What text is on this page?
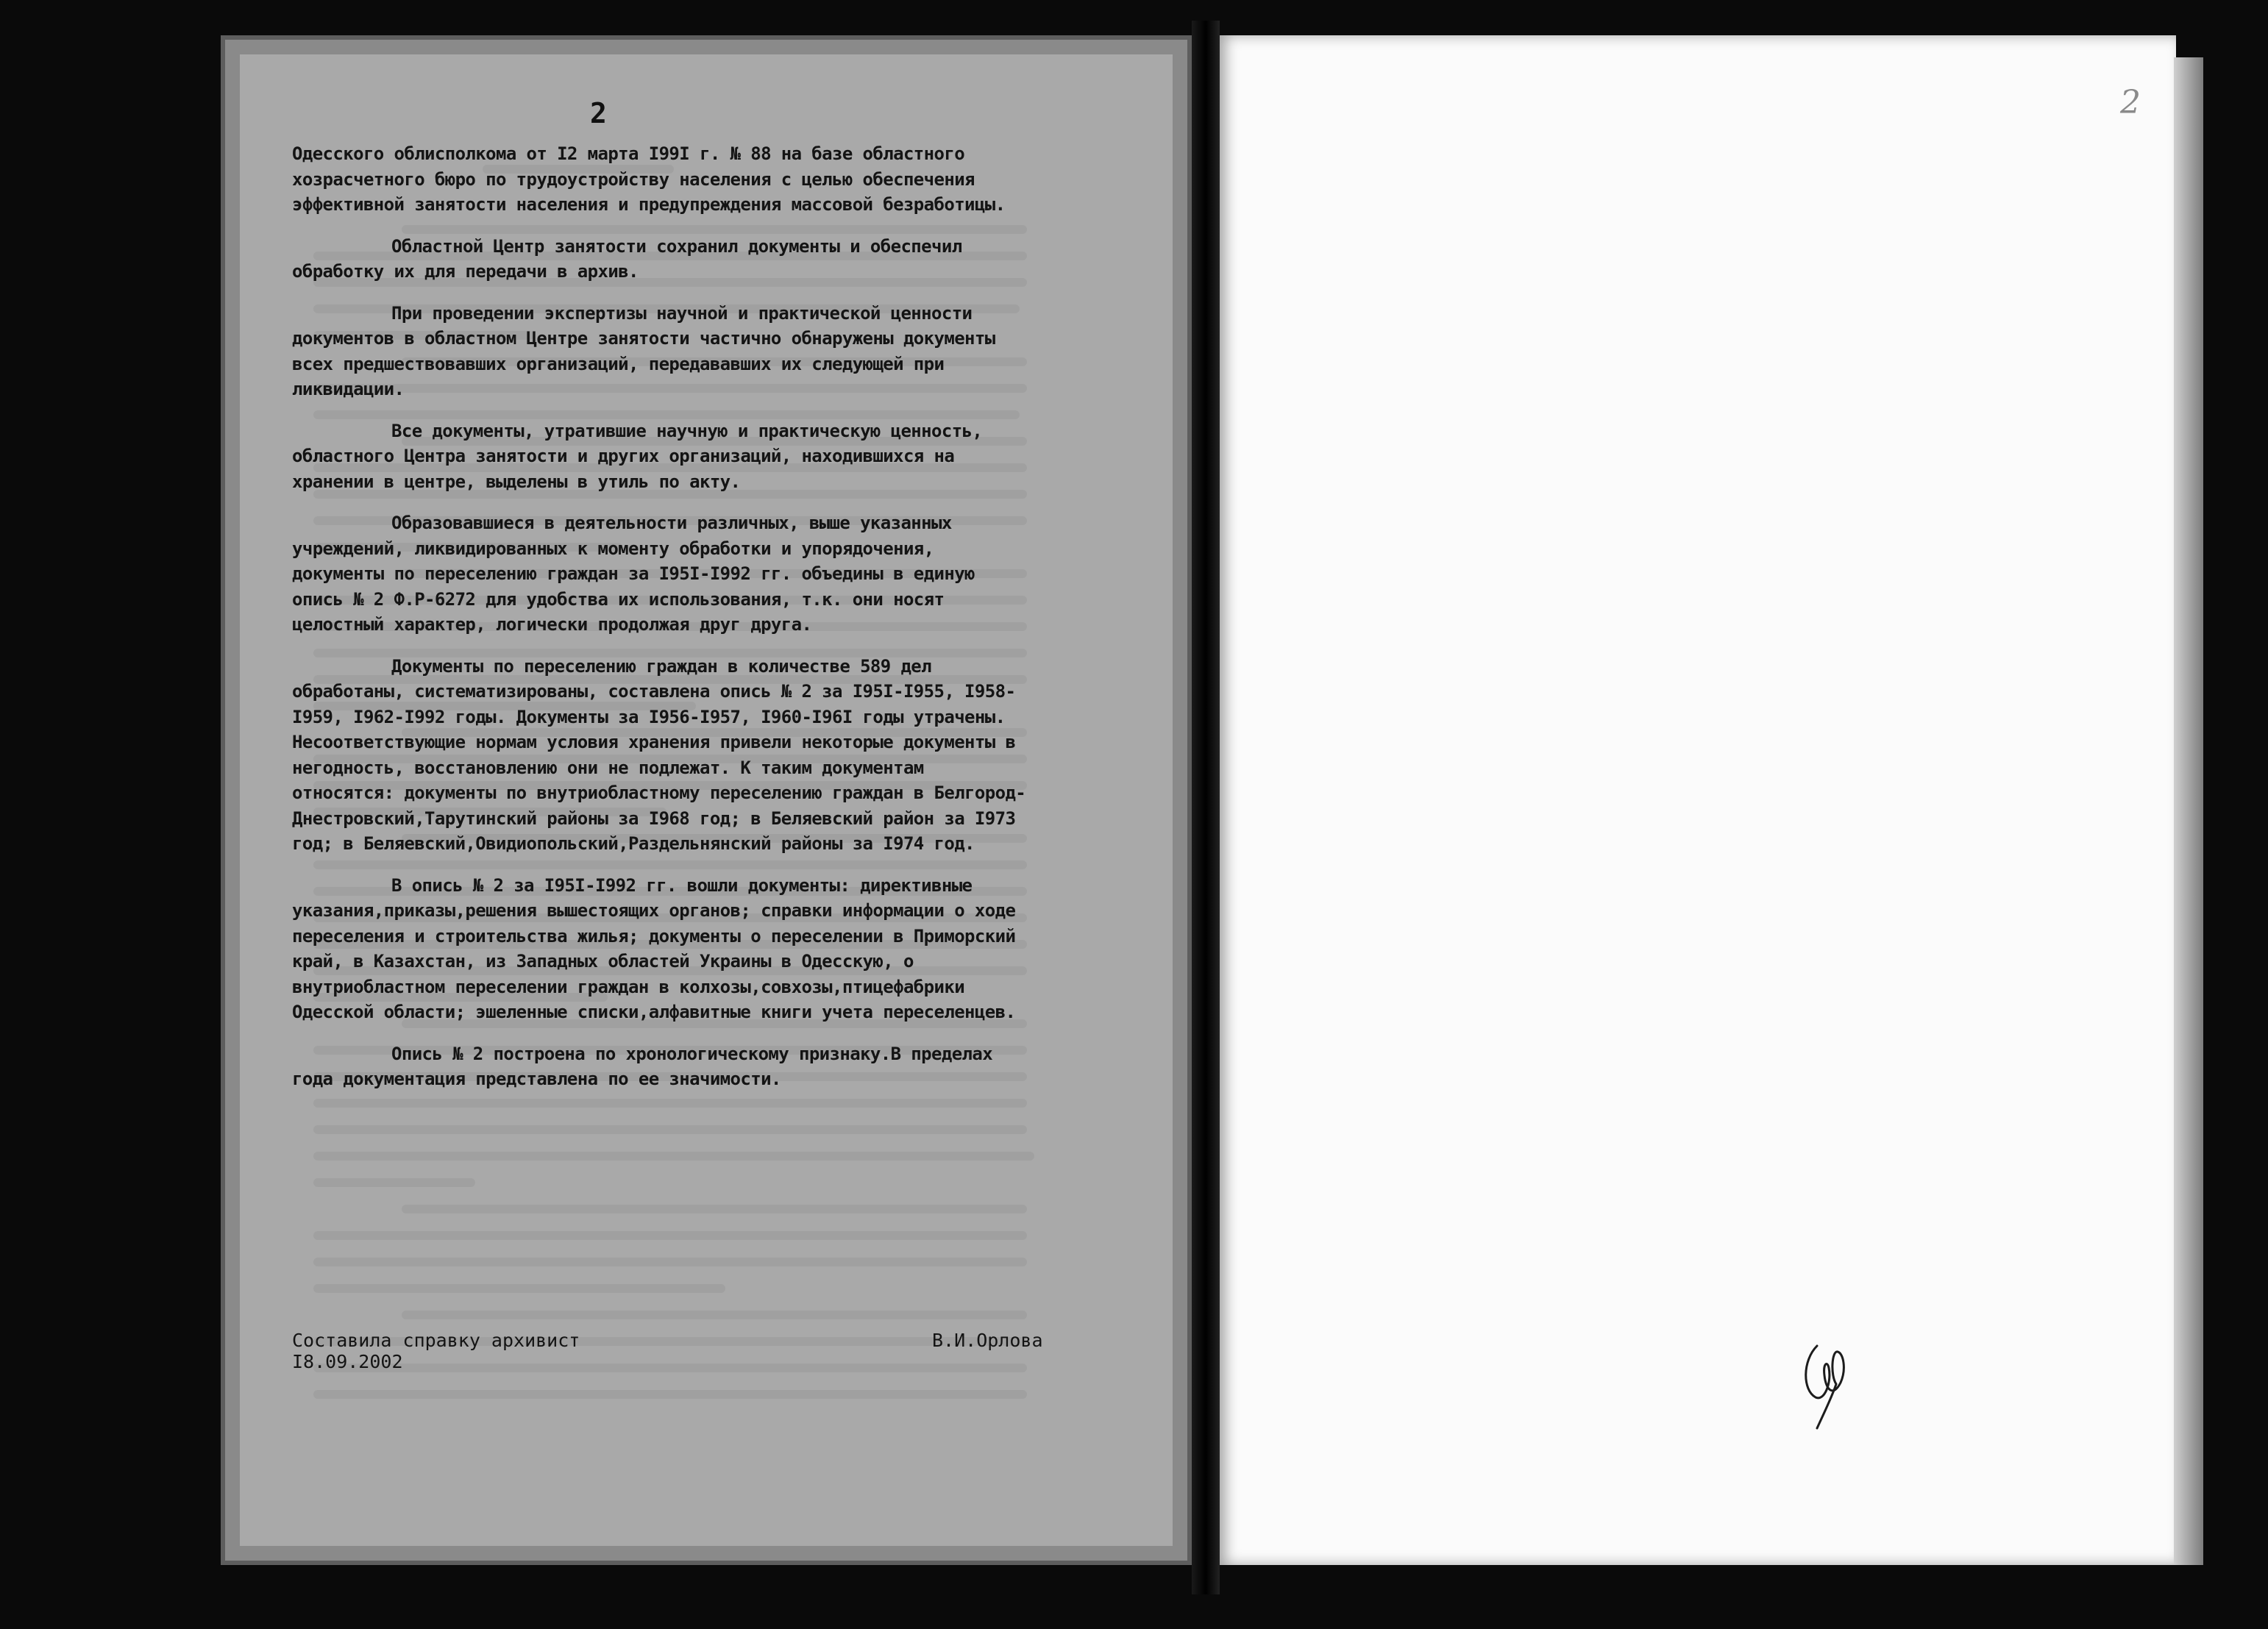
2
2

Одесского облисполкома от I2 марта I99I г. № 88 на базе областного хозрасчетного бюро по трудоустройству населения с целью обеспечения эффективной занятости населения и предупреждения массовой безработицы.

Областной Центр занятости сохранил документы и обеспечил обработку их для передачи в архив.

При проведении экспертизы научной и практической ценности документов в областном Центре занятости частично обнаружены документы всех предшествовавших организаций, передававших их следующей при ликвидации.

Все документы, утратившие научную и практическую ценность, областного Центра занятости и других организаций, находившихся на хранении в центре, выделены в утиль по акту.

Образовавшиеся в деятельности различных, выше указанных учреждений, ликвидированных к моменту обработки и упорядочения, документы по переселению граждан за I95I-I992 гг. объедины в единую опись № 2 Ф.Р-6272 для удобства их использования, т.к. они носят целостный характер, логически продолжая друг друга.

Документы по переселению граждан в количестве 589 дел обработаны, систематизированы, составлена опись № 2 за I95I-I955, I958-I959, I962-I992 годы. Документы за I956-I957, I960-I96I годы утрачены. Несоответствующие нормам условия хранения привели некоторые документы в негодность, восстановлению они не подлежат. К таким документам относятся: документы по внутриобластному переселению граждан в Белгород-Днестровский,Тарутинский районы за I968 год; в Беляевский район за I973 год; в Беляевский,Овидиопольский,Раздельнянский районы за I974 год.

В опись № 2 за I95I-I992 гг. вошли документы: директивные указания,приказы,решения вышестоящих органов; справки информации о ходе переселения и строительства жилья; документы о переселении в Приморский край, в Казахстан, из Западных областей Украины в Одесскую, о внутриобластном переселении граждан в колхозы,совхозы,птицефабрики Одесской области; эшеленные списки,алфавитные книги учета переселенцев.

Опись № 2 построена по хронологическому признаку.В пределах года документация представлена по ее значимости.

Составила справку архивист
I8.09.2002
В.И.Орлова
